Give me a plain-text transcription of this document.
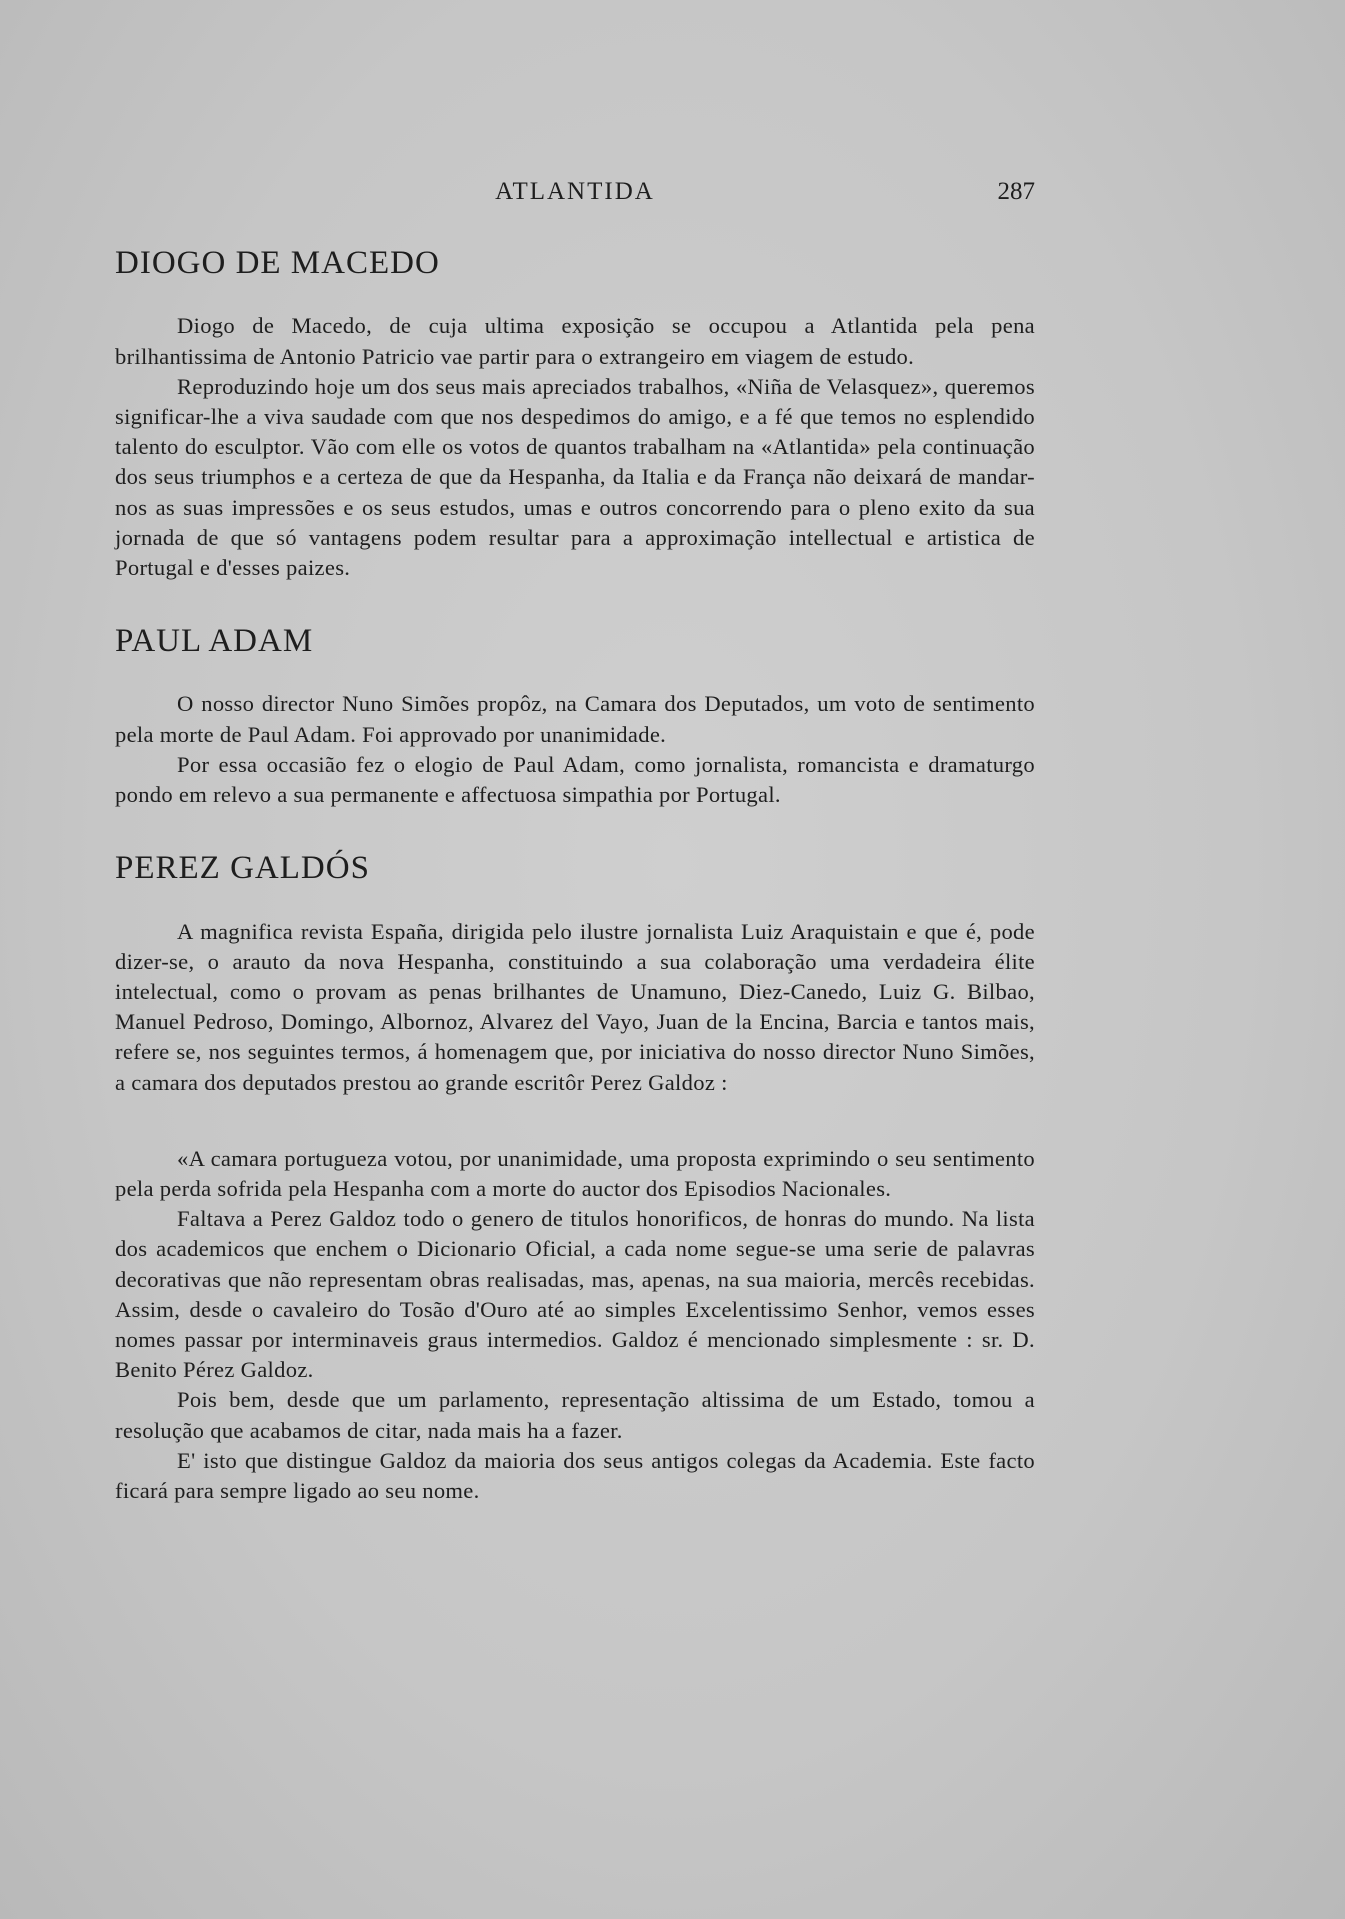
ATLANTIDA	287
DIOGO DE MACEDO

Diogo de Macedo, de cuja ultima exposição se occupou a Atlantida pela pena brilhantissima de Antonio Patricio vae partir para o extrangeiro em viagem de estudo.

Reproduzindo hoje um dos seus mais apreciados trabalhos, «Niña de Velasquez», queremos significar-lhe a viva saudade com que nos despedimos do amigo, e a fé que temos no esplendido talento do esculptor. Vão com elle os votos de quantos trabalham na «Atlantida» pela continuação dos seus triumphos e a certeza de que da Hespanha, da Italia e da França não deixará de mandar-nos as suas impressões e os seus estudos, umas e outros concorrendo para o pleno exito da sua jornada de que só vantagens podem resultar para a approximação intellectual e artistica de Portugal e d'esses paizes.

PAUL ADAM

O nosso director Nuno Simões propôz, na Camara dos Deputados, um voto de sentimento pela morte de Paul Adam. Foi approvado por unanimidade.

Por essa occasião fez o elogio de Paul Adam, como jornalista, romancista e dramaturgo pondo em relevo a sua permanente e affectuosa simpathia por Portugal.

PEREZ GALDÓS

A magnifica revista España, dirigida pelo ilustre jornalista Luiz Araquistain e que é, pode dizer-se, o arauto da nova Hespanha, constituindo a sua colaboração uma verdadeira élite intelectual, como o provam as penas brilhantes de Unamuno, Diez-Canedo, Luiz G. Bilbao, Manuel Pedroso, Domingo, Albornoz, Alvarez del Vayo, Juan de la Encina, Barcia e tantos mais, refere se, nos seguintes termos, á homenagem que, por iniciativa do nosso director Nuno Simões, a camara dos deputados prestou ao grande escritôr Perez Galdoz :

«A camara portugueza votou, por unanimidade, uma proposta exprimindo o seu sentimento pela perda sofrida pela Hespanha com a morte do auctor dos Episodios Nacionales.

Faltava a Perez Galdoz todo o genero de titulos honorificos, de honras do mundo. Na lista dos academicos que enchem o Dicionario Oficial, a cada nome segue-se uma serie de palavras decorativas que não representam obras realisadas, mas, apenas, na sua maioria, mercês recebidas. Assim, desde o cavaleiro do Tosão d'Ouro até ao simples Excelentissimo Senhor, vemos esses nomes passar por interminaveis graus intermedios. Galdoz é mencionado simplesmente : sr. D. Benito Pérez Galdoz.

Pois bem, desde que um parlamento, representação altissima de um Estado, tomou a resolução que acabamos de citar, nada mais ha a fazer.

E' isto que distingue Galdoz da maioria dos seus antigos colegas da Academia. Este facto ficará para sempre ligado ao seu nome.
